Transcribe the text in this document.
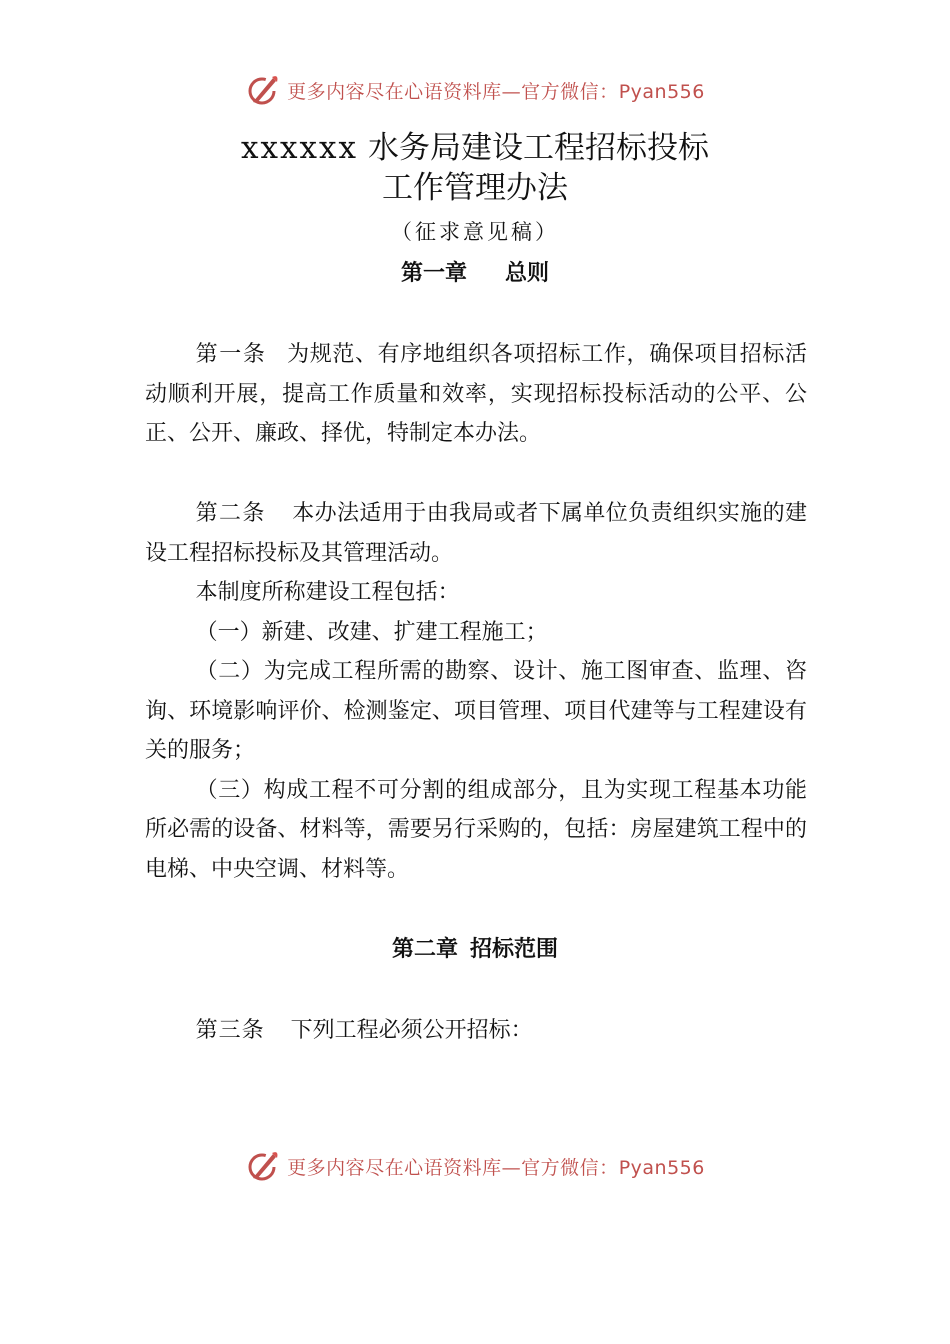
更多内容尽在心语资料库—官方微信：Pyan556
xxxxxx 水务局建设工程招标投标
工作管理办法
（征求意见稿）
第一章 总则

第一条 为规范、有序地组织各项招标工作，确保项目招标活动顺利开展，提高工作质量和效率，实现招标投标活动的公平、公正、公开、廉政、择优，特制定本办法。

第二条 本办法适用于由我局或者下属单位负责组织实施的建设工程招标投标及其管理活动。

本制度所称建设工程包括：

（一）新建、改建、扩建工程施工；

（二）为完成工程所需的勘察、设计、施工图审查、监理、咨询、环境影响评价、检测鉴定、项目管理、项目代建等与工程建设有关的服务；

（三）构成工程不可分割的组成部分，且为实现工程基本功能所必需的设备、材料等，需要另行采购的，包括：房屋建筑工程中的电梯、中央空调、材料等。

第二章 招标范围

第三条 下列工程必须公开招标：

更多内容尽在心语资料库—官方微信：Pyan556
